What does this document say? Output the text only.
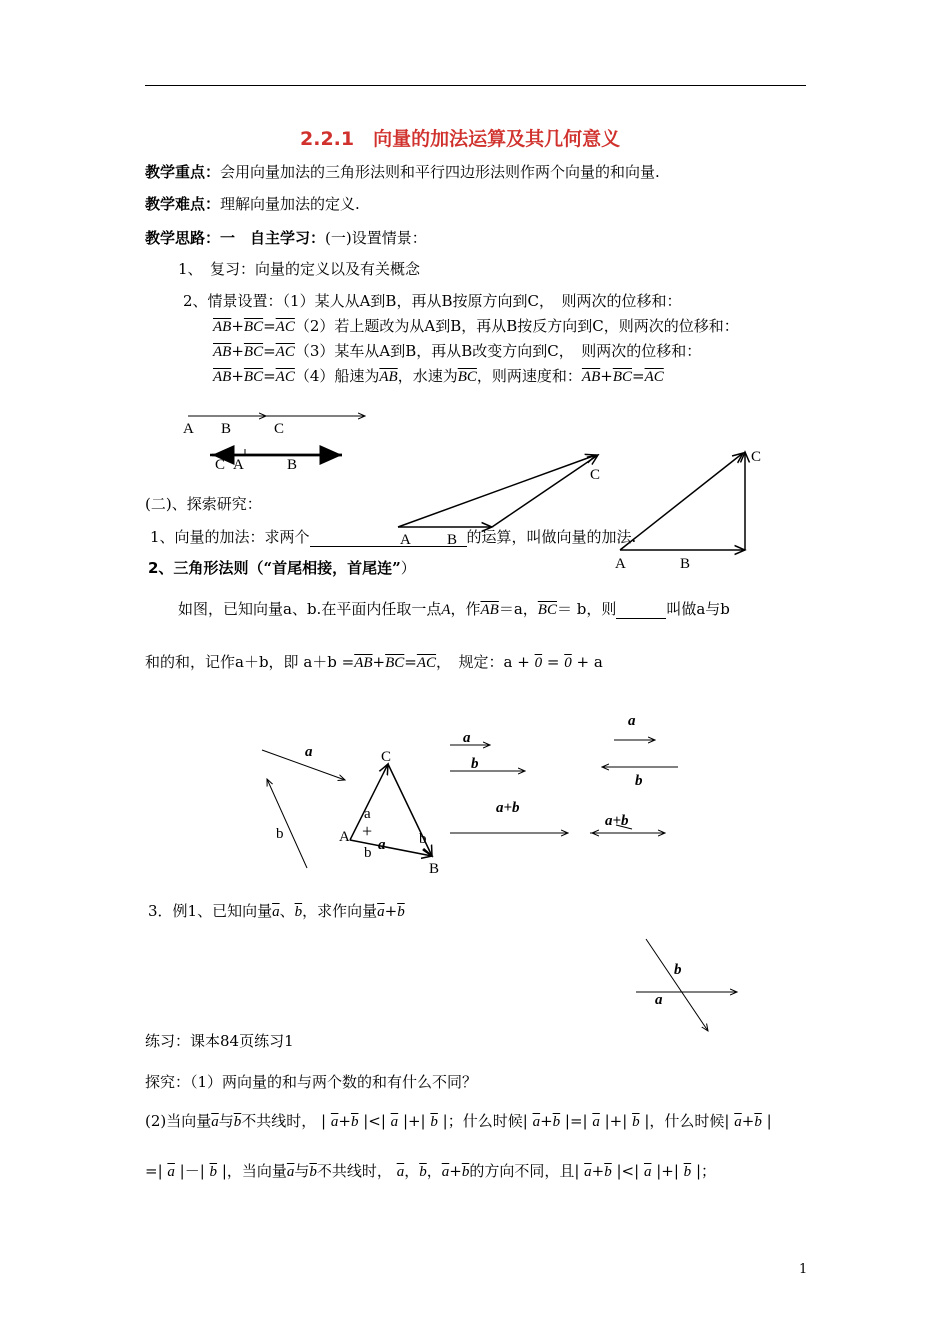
2.2.1　向量的加法运算及其几何意义
教学重点：会用向量加法的三角形法则和平行四边形法则作两个向量的和向量.
教学难点：理解向量加法的定义.
教学思路：一　自主学习：(一)设置情景：
1、　复习：向量的定义以及有关概念
2、情景设置：（1）某人从A到B，再从B按原方向到C，　则两次的位移和：
$\overline{AB}+\overline{BC}=\overline{AC}(2)$若上题改为从A到B，再从B按反方向到C，则两次的位移和：
$\overline{AB}+\overline{BC}=\overline{AC}(3)$某车从A到B，再从B改变方向到C，　则两次的位移和：
$\overline{AB}+\overline{BC}=\overline{AC}(4)$船速为$\overline{AB}$，水速为$\overline{BC}$，则两速度和：$\overline{AB}+\overline{BC}=\overline{AC}$
A B	C
C A	B
C
A B
C
A	B
(二)、探索研究：
1、向量的加法：求两个	的运算，叫做向量的加法.
2、三角形法则（“首尾相接，首尾连”）
如图，已知向量a、b.在平面内任取一点A，作$\overline{AB}=a$，$\overline{BC}= b$，则	叫做a与b
和的和，记作a＋b，即 $a+b =\overline{AB}+\overline{BC}=\overline{AC}$，　规定：a + 0 = 0 + a
a
b
C
A
B
a
+
a
b
b
a
b
a+b
a
b
a+b
3．例1、已知向量$\overline{a}$、$\overline{b}$，求作向量$\overline{a}+\overline{b}$
b
a
练习：课本84页练习1
探究：（1）两向量的和与两个数的和有什么不同？
(2)当向量$\overline{a}$与$\overline{b}$不共线时， | $\overline{a}+\overline{b}$ |<| $\overline{a}$ |+| $\overline{b}$ |；什么时候| $\overline{a}+\overline{b}$ |=| $\overline{a}$ |+| $\overline{b}$ |，什么时候| $\overline{a}+\overline{b}$ |
=| $\overline{a}$ |－| $\overline{b}$ |，当向量$\overline{a}$与$\overline{b}$不共线时， $\overline{a}$，$\overline{b}$，$\overline{a}+\overline{b}$的方向不同，且| $\overline{a}+\overline{b}$ |<| $\overline{a}$ |+| $\overline{b}$ |；
1
